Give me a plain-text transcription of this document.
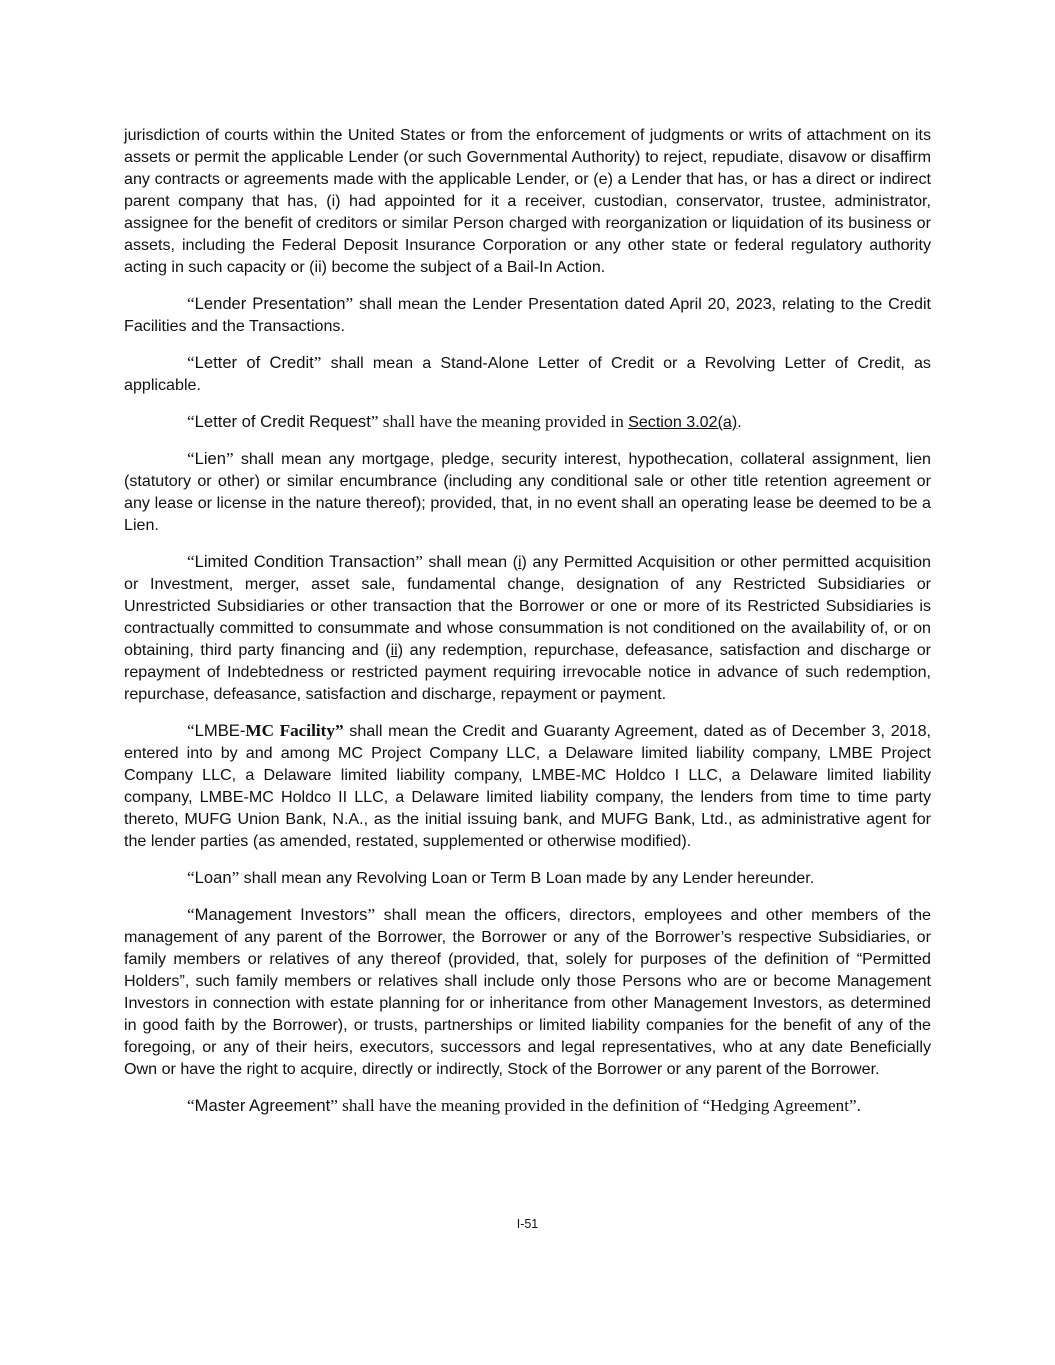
jurisdiction of courts within the United States or from the enforcement of judgments or writs of attachment on its assets or permit the applicable Lender (or such Governmental Authority) to reject, repudiate, disavow or disaffirm any contracts or agreements made with the applicable Lender, or (e) a Lender that has, or has a direct or indirect parent company that has, (i) had appointed for it a receiver, custodian, conservator, trustee, administrator, assignee for the benefit of creditors or similar Person charged with reorganization or liquidation of its business or assets, including the Federal Deposit Insurance Corporation or any other state or federal regulatory authority acting in such capacity or (ii) become the subject of a Bail-In Action.

“Lender Presentation” shall mean the Lender Presentation dated April 20, 2023, relating to the Credit Facilities and the Transactions.

“Letter of Credit” shall mean a Stand-Alone Letter of Credit or a Revolving Letter of Credit, as applicable.

“Letter of Credit Request” shall have the meaning provided in Section 3.02(a).

“Lien” shall mean any mortgage, pledge, security interest, hypothecation, collateral assignment, lien (statutory or other) or similar encumbrance (including any conditional sale or other title retention agreement or any lease or license in the nature thereof); provided, that, in no event shall an operating lease be deemed to be a Lien.

“Limited Condition Transaction” shall mean (i) any Permitted Acquisition or other permitted acquisition or Investment, merger, asset sale, fundamental change, designation of any Restricted Subsidiaries or Unrestricted Subsidiaries or other transaction that the Borrower or one or more of its Restricted Subsidiaries is contractually committed to consummate and whose consummation is not conditioned on the availability of, or on obtaining, third party financing and (ii) any redemption, repurchase, defeasance, satisfaction and discharge or repayment of Indebtedness or restricted payment requiring irrevocable notice in advance of such redemption, repurchase, defeasance, satisfaction and discharge, repayment or payment.

“LMBE-MC Facility” shall mean the Credit and Guaranty Agreement, dated as of December 3, 2018, entered into by and among MC Project Company LLC, a Delaware limited liability company, LMBE Project Company LLC, a Delaware limited liability company, LMBE-MC Holdco I LLC, a Delaware limited liability company, LMBE-MC Holdco II LLC, a Delaware limited liability company, the lenders from time to time party thereto, MUFG Union Bank, N.A., as the initial issuing bank, and MUFG Bank, Ltd., as administrative agent for the lender parties (as amended, restated, supplemented or otherwise modified).

“Loan” shall mean any Revolving Loan or Term B Loan made by any Lender hereunder.

“Management Investors” shall mean the officers, directors, employees and other members of the management of any parent of the Borrower, the Borrower or any of the Borrower’s respective Subsidiaries, or family members or relatives of any thereof (provided, that, solely for purposes of the definition of “Permitted Holders”, such family members or relatives shall include only those Persons who are or become Management Investors in connection with estate planning for or inheritance from other Management Investors, as determined in good faith by the Borrower), or trusts, partnerships or limited liability companies for the benefit of any of the foregoing, or any of their heirs, executors, successors and legal representatives, who at any date Beneficially Own or have the right to acquire, directly or indirectly, Stock of the Borrower or any parent of the Borrower.

“Master Agreement” shall have the meaning provided in the definition of “Hedging Agreement”.

I-51
